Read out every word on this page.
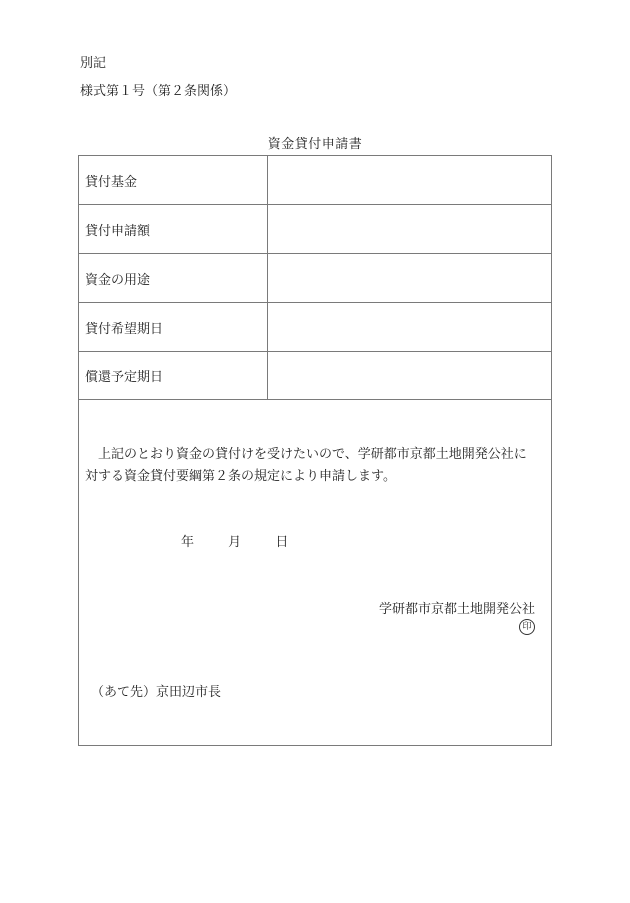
別記
様式第１号（第２条関係）
資金貸付申請書
貸付基金
貸付申請額
資金の用途
貸付希望期日
償還予定期日

上記のとおり資金の貸付けを受けたいので、学研都市京都土地開発公社に

対する資金貸付要綱第２条の規定により申請します。

年	月	日
学研都市京都土地開発公社
印
（あて先）京田辺市長
